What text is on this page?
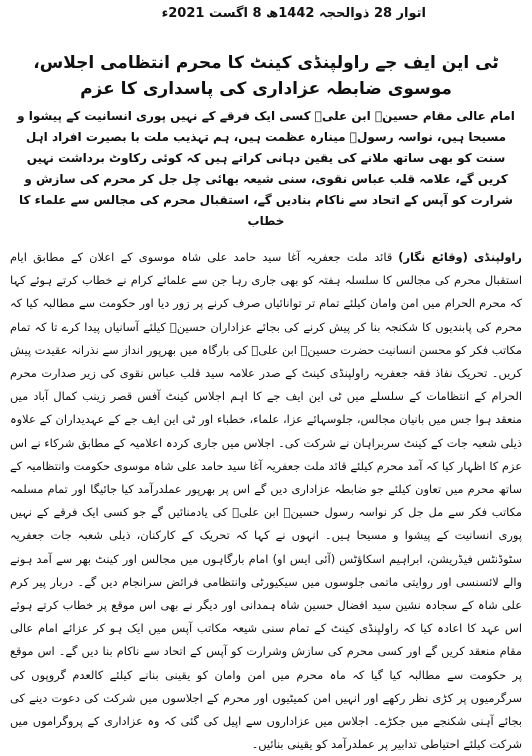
اتوار 28 ذوالحجہ 1442ھ 8 اگست 2021ء
ٹی این ایف جے راولپنڈی کینٹ کا محرم انتظامی اجلاس، موسوی ضابطہ عزاداری کی پاسداری کا عزم
امام عالی مقام حسینؓ ابن علیؓ کسی ایک فرقے کے نہیں پوری انسانیت کے پیشوا و مسیحا ہیں، نواسہ رسولؐ مینارہ عظمت ہیں، ہم تہذیب ملت با بصیرت افراد اہل سنت کو بھی ساتھ ملانے کی یقین دہانی کراتے ہیں کہ کوئی رکاوٹ برداشت نہیں کریں گے، علامہ قلب عباس نقوی، سنی شیعہ بھائی چل جل کر محرم کی سازش و شرارت کو آپس کے اتحاد سے ناکام بنادیں گے، استقبال محرم کی مجالس سے علماء کا خطاب

راولپنڈی(وقائع نگار)قائد ملت جعفریہ آغا سید حامد علی شاہ موسوی کے اعلان کے مطابق ایام استقبال محرم کی مجالس کا سلسلہ ہفتہ کو بھی جاری رہا جن سے علمائے کرام نے خطاب کرتے ہوئے کہا کہ محرم الحرام میں امن وامان کیلئے تمام تر توانائیاں صرف کرنے پر زور دیا اور حکومت سے مطالبہ کیا کہ محرم کی پابندیوں کا شکنجہ بنا کر پیش کرنے کی بجائے عزاداران حسینؑ کیلئے آسانیاں پیدا کرے تا کہ تمام مکاتب فکر کو محسن انسانیت حضرت حسینؓ ابن علیؓ کی بارگاہ میں بھرپور انداز سے نذرانہ عقیدت پیش کریں۔ تحریک نفاذ فقہ جعفریہ راولپنڈی کینٹ کے صدر علامہ سید قلب عباس نقوی کی زیر صدارت محرم الحرام کے انتظامات کے سلسلے میں ٹی این ایف جے کا اہم اجلاس کینٹ آفس قصر زینب کمال آباد میں منعقد ہوا جس میں بانیان مجالس، جلوسہائے عزا، علماء، خطباء اور ٹی این ایف جے کے عہدیداران کے علاوہ ذیلی شعبہ جات کے کینٹ سربراہان نے شرکت کی۔ اجلاس میں جاری کردہ اعلامیہ کے مطابق شرکاء نے اس عزم کا اظہار کیا کہ آمد محرم کیلئے قائد ملت جعفریہ آغا سید حامد علی شاہ موسوی حکومت وانتظامیہ کے ساتھ محرم میں تعاون کیلئے جو ضابطہ عزاداری دیں گے اس پر بھرپور عملدرآمد کیا جائیگا اور تمام مسلمہ مکاتب فکر سے مل جل کر نواسہ رسول حسینؓ ابن علیؓ کی یادمنائیں گے جو کسی ایک فرقے کے نہیں پوری انسانیت کے پیشوا و مسیحا ہیں۔ انہوں نے کہا کہ تحریک کے کارکنان، ذیلی شعبہ جات جعفریہ سٹوڈنٹس فیڈریشن، ابراہیم اسکاؤٹس (آئی ایس او) امام بارگاہوں میں مجالس اور کینٹ بھر سے آمد ہونے والے لائسنسی اور روایتی ماتمی جلوسوں میں سیکیورٹی وانتظامی فرائض سرانجام دیں گے۔ دربار پیر کرم علی شاہ کے سجادہ نشین سید افضال حسین شاہ ہمدانی اور دیگر نے بھی اس موقع پر خطاب کرتے ہوئے اس عہد کا اعادہ کیا کہ راولپنڈی کینٹ کے تمام سنی شیعہ مکاتب آپس میں ایک ہو کر عزائے امام عالی مقام منعقد کریں گے اور کسی محرم کی سازش وشرارت کو آپس کے اتحاد سے ناکام بنا دیں گے۔ اس موقع پر حکومت سے مطالبہ کیا گیا کہ ماہ محرم میں امن وامان کو یقینی بنانے کیلئے کالعدم گروپوں کی سرگرمیوں پر کڑی نظر رکھے اور انہیں امن کمیٹیوں اور محرم کے اجلاسوں میں شرکت کی دعوت دینے کی بجائے آہنی شکنجے میں جکڑے۔ اجلاس میں عزاداروں سے اپیل کی گئی کہ وہ عزاداری کے پروگراموں میں شرکت کیلئے احتیاطی تدابیر پر عملدرآمد کو یقینی بنائیں۔
